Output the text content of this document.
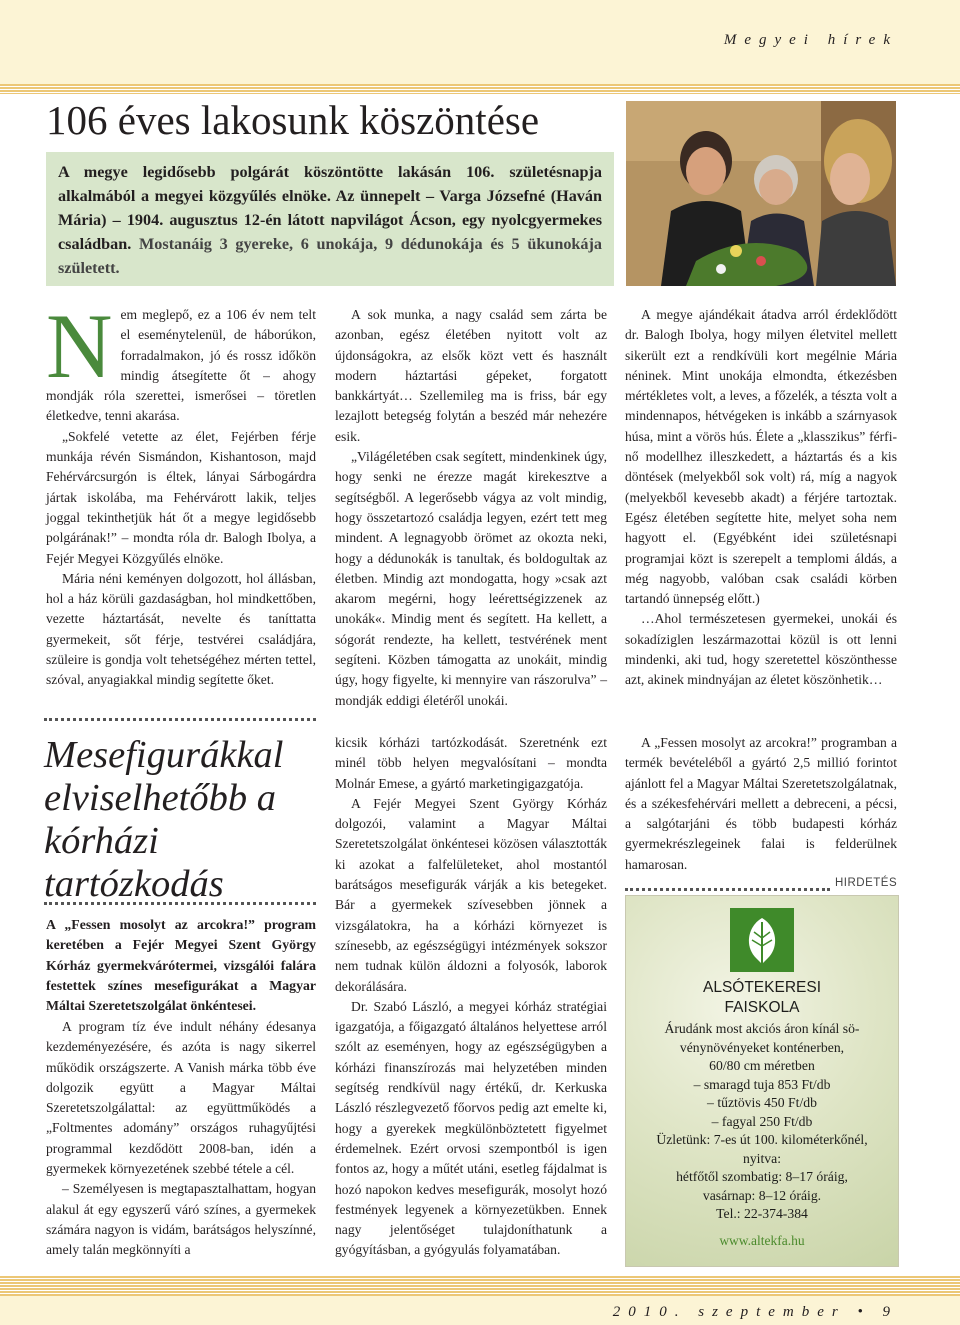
Megyei hírek
106 éves lakosunk köszöntése
A megye legidősebb polgárát köszöntötte lakásán 106. születésnapja alkalmából a megyei közgyűlés elnöke. Az ünnepelt – Varga Józsefné (Haván Mária) – 1904. augusztus 12-én látott napvilágot Ácson, egy nyolcgyermekes családban. Mostanáig 3 gyereke, 6 unokája, 9 dédunokája és 5 ükunokája született.

Nem meglepő, ez a 106 év nem telt el eseménytelenül, de háborúkon, forradalmakon, jó és rossz időkön mindig átsegítette őt – ahogy mondják róla szerettei, ismerősei – töretlen életkedve, tenni akarása.

„Sokfelé vetette az élet, Fejérben férje munkája révén Sismándon, Kishantoson, majd Fehérvárcsurgón is éltek, lányai Sárbogárdra jártak iskolába, ma Fehérvárott lakik, teljes joggal tekinthetjük hát őt a megye legidősebb polgárának!” – mondta róla dr. Balogh Ibolya, a Fejér Megyei Közgyűlés elnöke.

Mária néni keményen dolgozott, hol állásban, hol a ház körüli gazdaságban, hol mindkettőben, vezette háztartását, nevelte és taníttatta gyermekeit, sőt férje, testvérei családjára, szüleire is gondja volt tehetségéhez mérten tettel, szóval, anyagiakkal mindig segítette őket.

A sok munka, a nagy család sem zárta be azonban, egész életében nyitott volt az újdonságokra, az elsők közt vett és használt modern háztartási gépeket, forgatott bankkártyát… Szellemileg ma is friss, bár egy lezajlott betegség folytán a beszéd már nehezére esik.

„Világéletében csak segített, mindenkinek úgy, hogy senki ne érezze magát kirekesztve a segítségből. A legerősebb vágya az volt mindig, hogy összetartozó családja legyen, ezért tett meg mindent. A legnagyobb örömet az okozta neki, hogy a dédunokák is tanultak, és boldogultak az életben. Mindig azt mondogatta, hogy »csak azt akarom megérni, hogy leérettségizzenek az unokák«. Mindig ment és segített. Ha kellett, a sógorát rendezte, ha kellett, testvérének ment segíteni. Közben támogatta az unokáit, mindig úgy, hogy figyelte, ki mennyire van rászorulva” – mondják eddigi életéről unokái.

A megye ajándékait átadva arról érdeklődött dr. Balogh Ibolya, hogy milyen életvitel mellett sikerült ezt a rendkívüli kort megélnie Mária néninek. Mint unokája elmondta, étkezésben mértékletes volt, a leves, a főzelék, a tészta volt a mindennapos, hétvégeken is inkább a szárnyasok húsa, mint a vörös hús. Élete a „klasszikus” férfi-nő modellhez illeszkedett, a háztartás és a kis döntések (melyekből sok volt) rá, míg a nagyok (melyekből kevesebb akadt) a férjére tartoztak. Egész életében segítette hite, melyet soha nem hagyott el. (Egyébként idei születésnapi programjai közt is szerepelt a templomi áldás, a még nagyobb, valóban csak családi körben tartandó ünnepség előtt.)

…Ahol természetesen gyermekei, unokái és sokadíziglen leszármazottai közül is ott lenni mindenki, aki tud, hogy szeretettel köszönthesse azt, akinek mindnyájan az életet köszönhetik…

Mesefigurákkal elviselhetőbb a kórházi tartózkodás
A „Fessen mosolyt az arcokra!” program keretében a Fejér Megyei Szent György Kórház gyermekvárótermei, vizsgálói falára festettek színes mesefigurákat a Magyar Máltai Szeretetszolgálat önkéntesei.

A program tíz éve indult néhány édesanya kezdeményezésére, és azóta is nagy sikerrel működik országszerte. A Vanish márka több éve dolgozik együtt a Magyar Máltai Szeretetszolgálattal: az együttműködés a „Foltmentes adomány” országos ruhagyűjtési programmal kezdődött 2008-ban, idén a gyermekek környezetének szebbé tétele a cél.

– Személyesen is megtapasztalhattam, hogyan alakul át egy egyszerű váró színes, a gyermekek számára nagyon is vidám, barátságos helyszínné, amely talán megkönnyíti a

kicsik kórházi tartózkodását. Szeretnénk ezt minél több helyen megvalósítani – mondta Molnár Emese, a gyártó marketingigazgatója.

A Fejér Megyei Szent György Kórház dolgozói, valamint a Magyar Máltai Szeretetszolgálat önkéntesei közösen választották ki azokat a falfelületeket, ahol mostantól barátságos mesefigurák várják a kis betegeket. Bár a gyermekek szívesebben jönnek a vizsgálatokra, ha a kórházi környezet is színesebb, az egészségügyi intézmények sokszor nem tudnak külön áldozni a folyosók, laborok dekorálására.

Dr. Szabó László, a megyei kórház stratégiai igazgatója, a főigazgató általános helyettese arról szólt az eseményen, hogy az egészségügyben a kórházi finanszírozás mai helyzetében minden segítség rendkívül nagy értékű, dr. Kerkuska László részlegvezető főorvos pedig azt emelte ki, hogy a gyerekek megkülönböztetett figyelmet érdemelnek. Ezért orvosi szempontból is igen fontos az, hogy a műtét utáni, esetleg fájdalmat is hozó napokon kedves mesefigurák, mosolyt hozó festmények legyenek a környezetükben. Ennek nagy jelentőséget tulajdoníthatunk a gyógyításban, a gyógyulás folyamatában.

A „Fessen mosolyt az arcokra!” programban a termék bevételéből a gyártó 2,5 millió forintot ajánlott fel a Magyar Máltai Szeretetszolgálatnak, és a székesfehérvári mellett a debreceni, a pécsi, a salgótarjáni és több budapesti kórház gyermekrészlegeinek falai is felderülnek hamarosan.

HIRDETÉS
ALSÓTEKERESI
FAISKOLA
Árudánk most akciós áron kínál sö-
vénynövényeket konténerben,
60/80 cm méretben
– smaragd tuja 853 Ft/db
– tűztövis 450 Ft/db
– fagyal 250 Ft/db
Üzletünk: 7-es út 100. kilométerkőnél,
nyitva:
hétfőtől szombatig: 8–17 óráig,
vasárnap: 8–12 óráig.
Tel.: 22-374-384
www.altekfa.hu
2010. szeptember • 9
